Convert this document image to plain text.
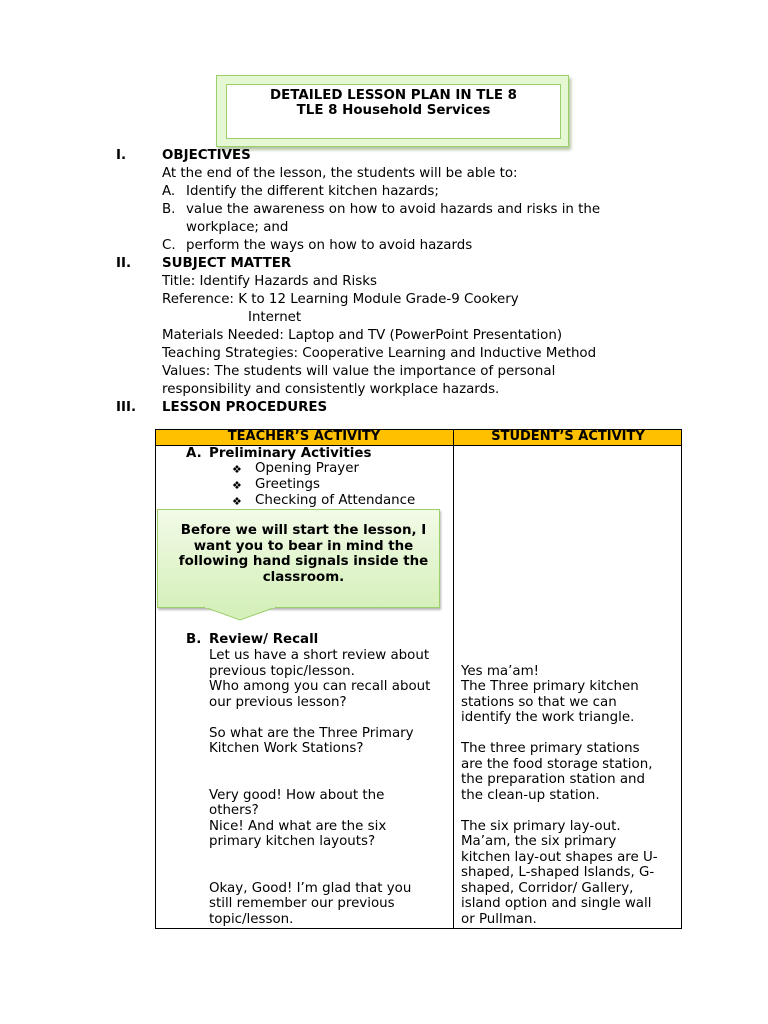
DETAILED LESSON PLAN IN TLE 8
TLE 8 Household Services
I.	OBJECTIVES
At the end of the lesson, the students will be able to:
A. Identify the different kitchen hazards;
B. value the awareness on how to avoid hazards and risks in the
workplace; and
C. perform the ways on how to avoid hazards
II. SUBJECT MATTER
Title: Identify Hazards and Risks
Reference: K to 12 Learning Module Grade-9 Cookery
Internet
Materials Needed: Laptop and TV (PowerPoint Presentation)
Teaching Strategies: Cooperative Learning and Inductive Method
Values: The students will value the importance of personal
responsibility and consistently workplace hazards.
III. LESSON PROCEDURES
TEACHER’S ACTIVITY	STUDENT’S ACTIVITY
A. Preliminary Activities
❖ Opening Prayer
❖ Greetings
❖ Checking of Attendance
Before we will start the lesson, I want you to bear in mind the following hand signals inside the classroom.
B. Review/ Recall
Let us have a short review about
previous topic/lesson.
Who among you can recall about
our previous lesson?
So what are the Three Primary
Kitchen Work Stations?
Very good! How about the
others?
Nice! And what are the six
primary kitchen layouts?
Okay, Good! I’m glad that you
still remember our previous
topic/lesson.
Yes ma’am!
The Three primary kitchen
stations so that we can
identify the work triangle.
The three primary stations
are the food storage station,
the preparation station and
the clean-up station.
The six primary lay-out.
Ma’am, the six primary
kitchen lay-out shapes are U-
shaped, L-shaped Islands, G-
shaped, Corridor/ Gallery,
island option and single wall
or Pullman.
